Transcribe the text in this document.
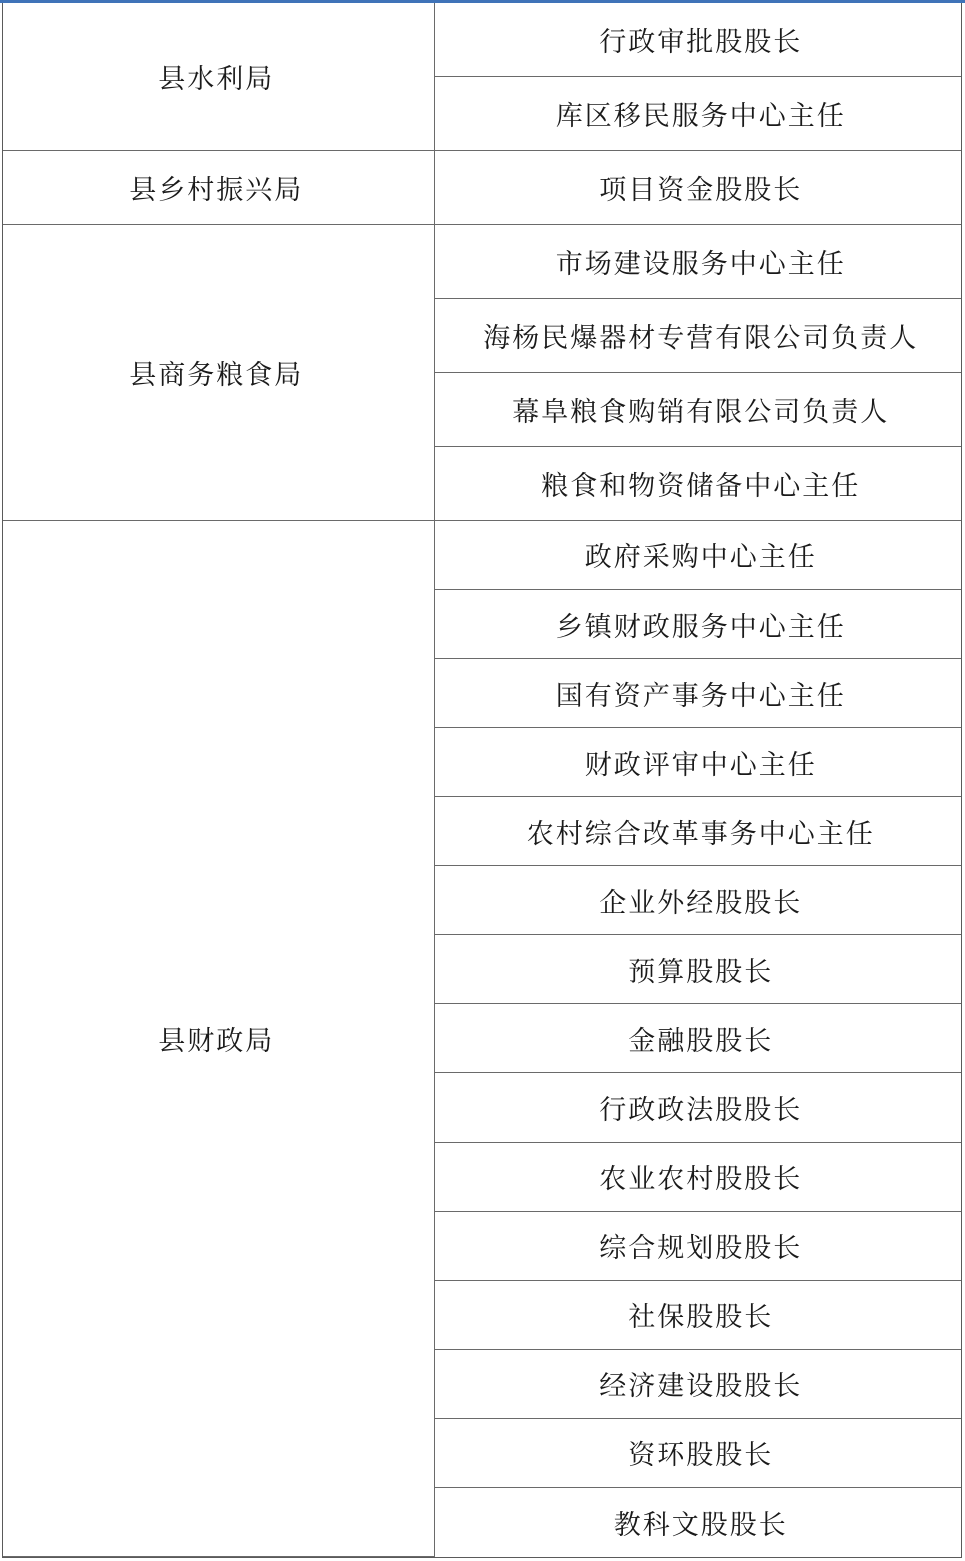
县水利局	行政审批股股长
	库区移民服务中心主任
县乡村振兴局	项目资金股股长
县商务粮食局	市场建设服务中心主任
	海杨民爆器材专营有限公司负责人
	幕阜粮食购销有限公司负责人
	粮食和物资储备中心主任
县财政局	政府采购中心主任
	乡镇财政服务中心主任
	国有资产事务中心主任
	财政评审中心主任
	农村综合改革事务中心主任
	企业外经股股长
	预算股股长
	金融股股长
	行政政法股股长
	农业农村股股长
	综合规划股股长
	社保股股长
	经济建设股股长
	资环股股长
	教科文股股长
